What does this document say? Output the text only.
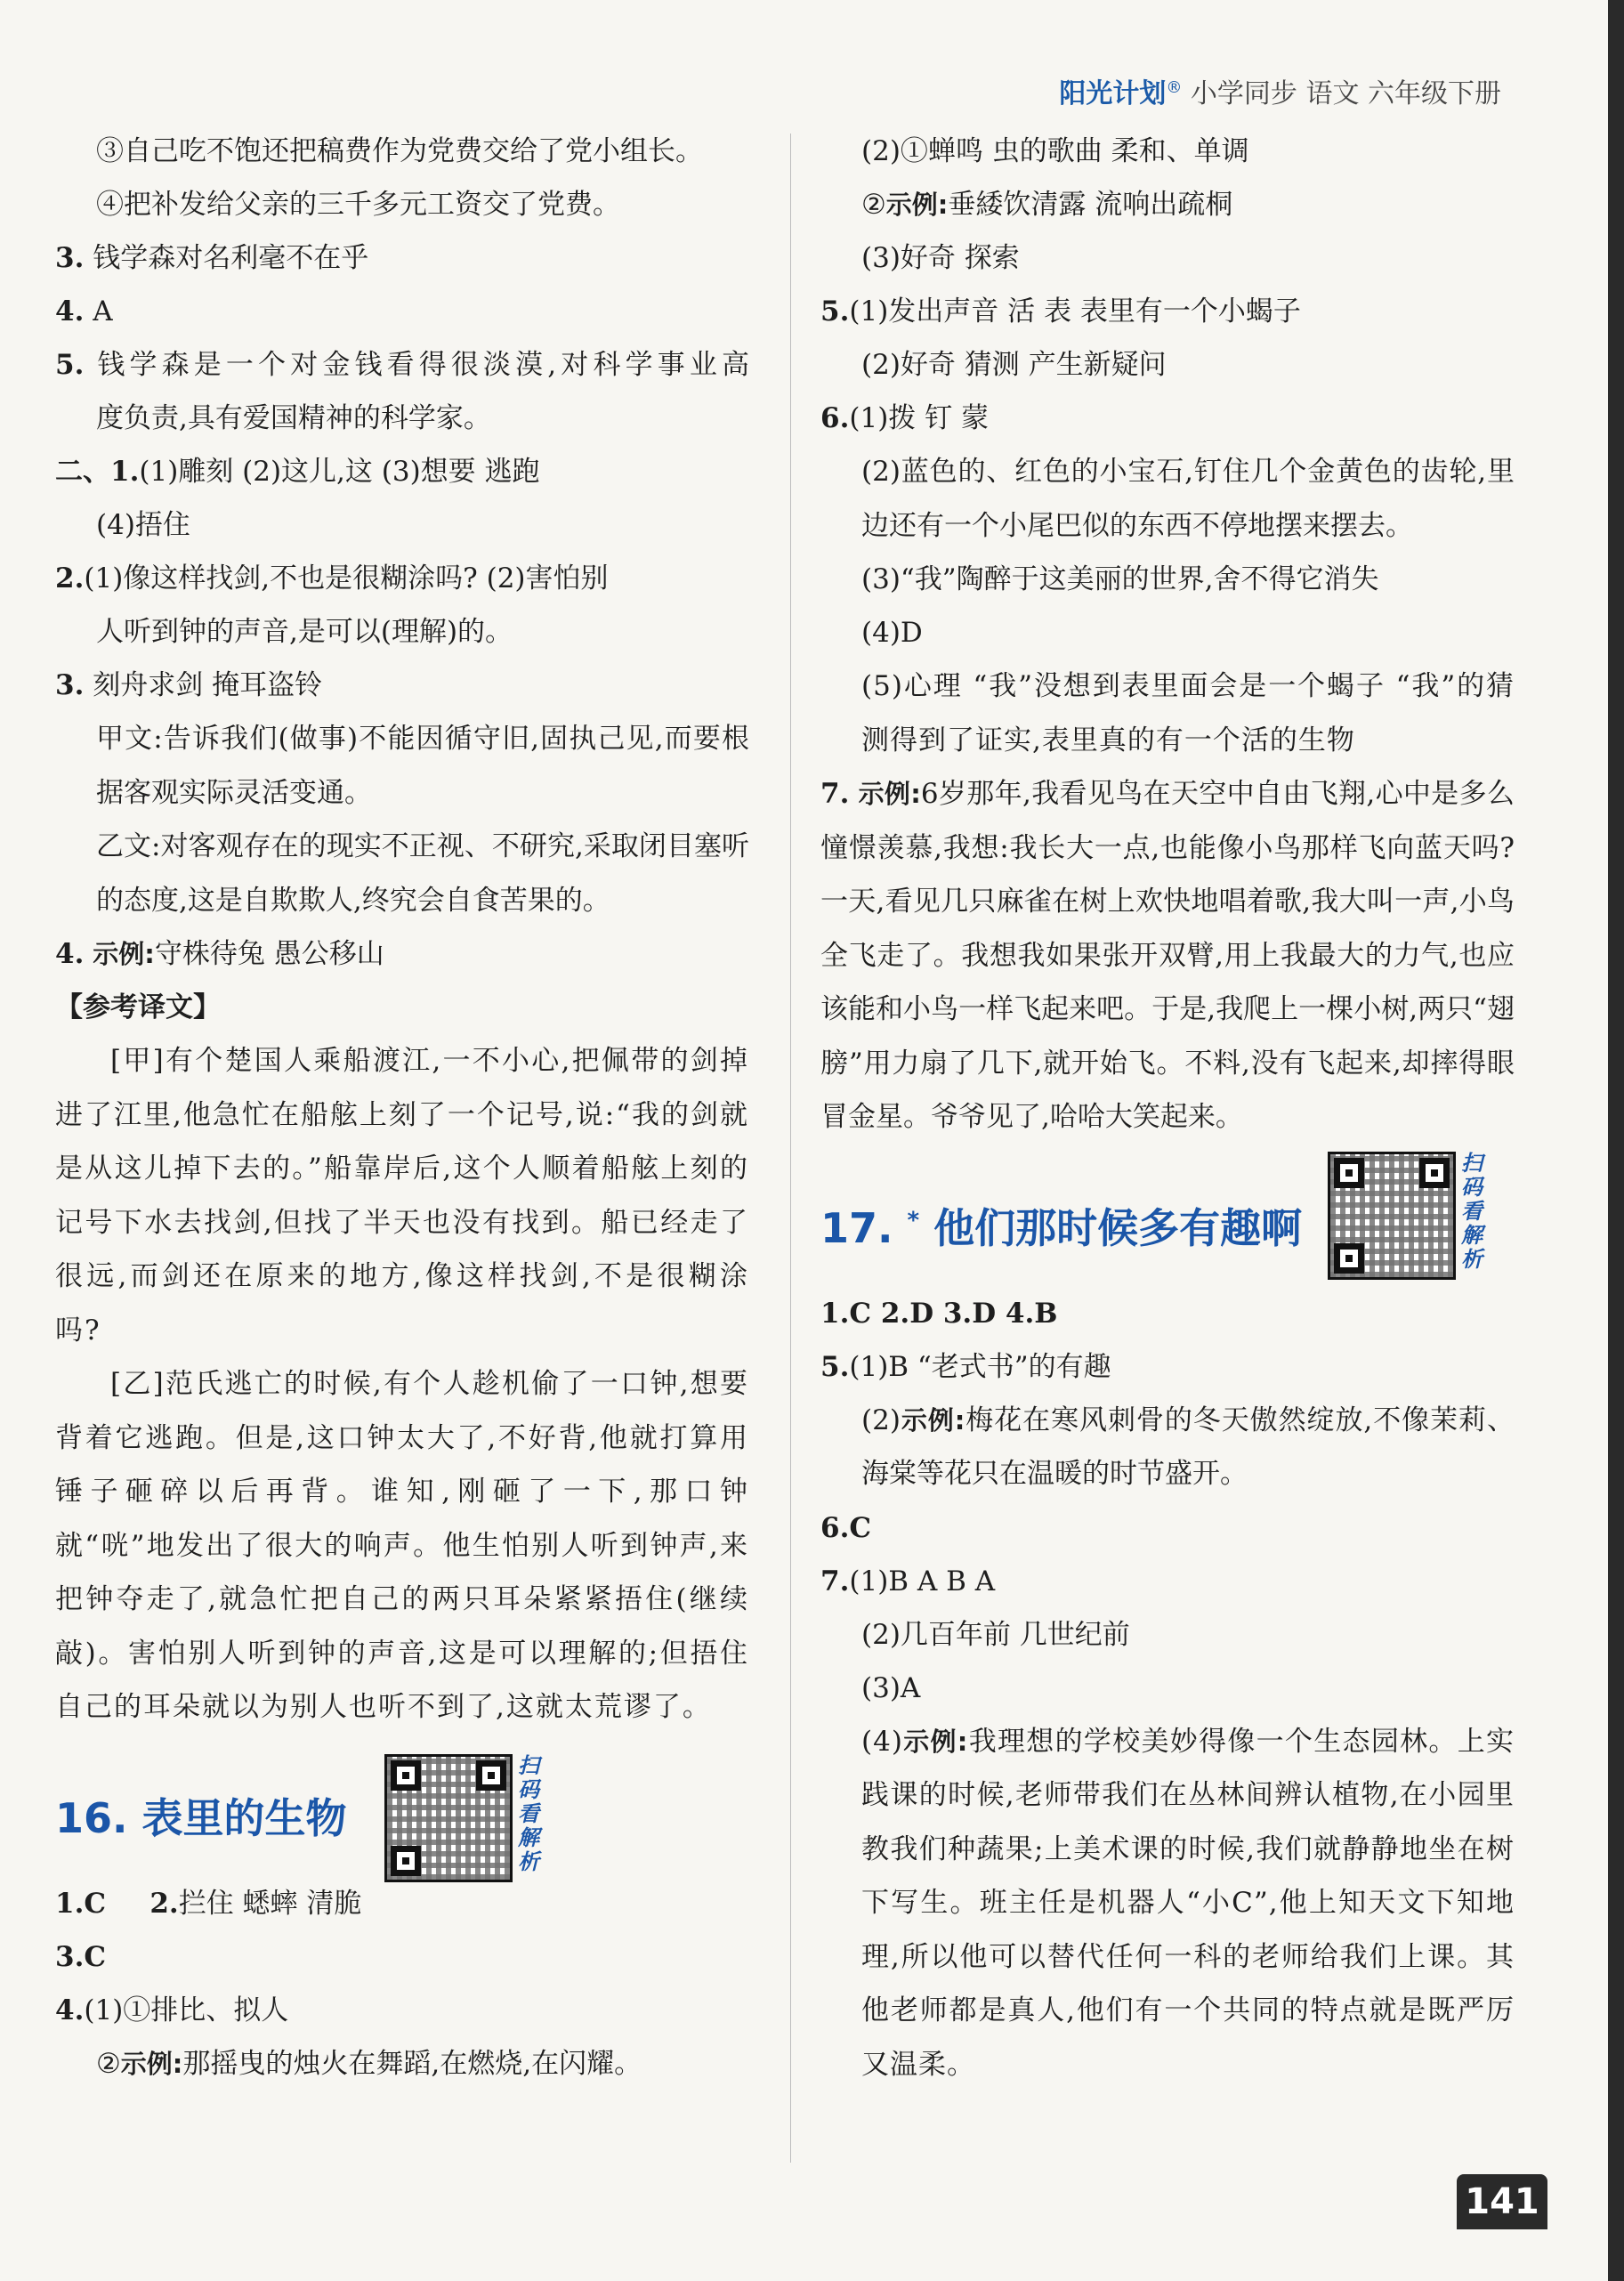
阳光计划® 小学同步 语文 六年级下册
③自己吃不饱还把稿费作为党费交给了党小组长。
④把补发给父亲的三千多元工资交了党费。
3. 钱学森对名利毫不在乎
4. A
5. 钱学森是一个对金钱看得很淡漠,对科学事业高
度负责,具有爱国精神的科学家。
二、1.(1)雕刻 (2)这儿,这 (3)想要 逃跑
(4)捂住
2.(1)像这样找剑,不也是很糊涂吗? (2)害怕别
人听到钟的声音,是可以(理解)的。
3. 刻舟求剑 掩耳盗铃
甲文:告诉我们(做事)不能因循守旧,固执己见,而要根据客观实际灵活变通。
乙文:对客观存在的现实不正视、不研究,采取闭目塞听的态度,这是自欺欺人,终究会自食苦果的。
4. 示例:守株待兔 愚公移山
【参考译文】
[甲]有个楚国人乘船渡江,一不小心,把佩带的剑掉进了江里,他急忙在船舷上刻了一个记号,说:“我的剑就是从这儿掉下去的。”船靠岸后,这个人顺着船舷上刻的记号下水去找剑,但找了半天也没有找到。船已经走了很远,而剑还在原来的地方,像这样找剑,不是很糊涂吗?
[乙]范氏逃亡的时候,有个人趁机偷了一口钟,想要背着它逃跑。但是,这口钟太大了,不好背,他就打算用锤子砸碎以后再背。谁知,刚砸了一下,那口钟就“咣”地发出了很大的响声。他生怕别人听到钟声,来把钟夺走了,就急忙把自己的两只耳朵紧紧捂住(继续敲)。害怕别人听到钟的声音,这是可以理解的;但捂住自己的耳朵就以为别人也听不到了,这就太荒谬了。
16. 表里的生物
扫码看解析
1.C 2.拦住 蟋蟀 清脆
3.C
4.(1)①排比、拟人
②示例:那摇曳的烛火在舞蹈,在燃烧,在闪耀。
(2)①蝉鸣 虫的歌曲 柔和、单调
②示例:垂緌饮清露 流响出疏桐
(3)好奇 探索
5.(1)发出声音 活 表 表里有一个小蝎子
(2)好奇 猜测 产生新疑问
6.(1)拨 钉 蒙
(2)蓝色的、红色的小宝石,钉住几个金黄色的齿轮,里边还有一个小尾巴似的东西不停地摆来摆去。
(3)“我”陶醉于这美丽的世界,舍不得它消失
(4)D
(5)心理 “我”没想到表里面会是一个蝎子 “我”的猜测得到了证实,表里真的有一个活的生物
7. 示例:6岁那年,我看见鸟在天空中自由飞翔,心中是多么憧憬羡慕,我想:我长大一点,也能像小鸟那样飞向蓝天吗?一天,看见几只麻雀在树上欢快地唱着歌,我大叫一声,小鸟全飞走了。我想我如果张开双臂,用上我最大的力气,也应该能和小鸟一样飞起来吧。于是,我爬上一棵小树,两只“翅膀”用力扇了几下,就开始飞。不料,没有飞起来,却摔得眼冒金星。爷爷见了,哈哈大笑起来。
17. * 他们那时候多有趣啊
扫码看解析
1.C 2.D 3.D 4.B
5.(1)B “老式书”的有趣
(2)示例:梅花在寒风刺骨的冬天傲然绽放,不像茉莉、海棠等花只在温暖的时节盛开。
6.C
7.(1)B A B A
(2)几百年前 几世纪前
(3)A
(4)示例:我理想的学校美妙得像一个生态园林。上实践课的时候,老师带我们在丛林间辨认植物,在小园里教我们种蔬果;上美术课的时候,我们就静静地坐在树下写生。班主任是机器人“小C”,他上知天文下知地理,所以他可以替代任何一科的老师给我们上课。其他老师都是真人,他们有一个共同的特点就是既严厉又温柔。
141
